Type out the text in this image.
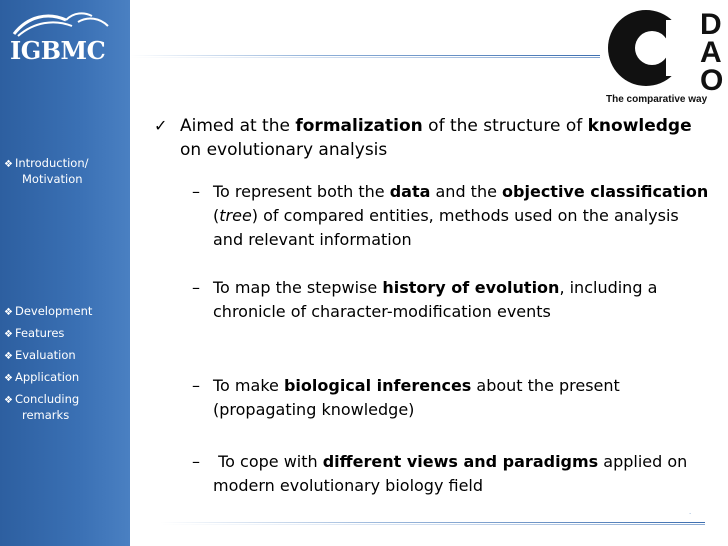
IGBMC
❖ Introduction/
Motivation
❖ Development
❖ Features
❖ Evaluation
❖ Application
❖ Concluding
remarks
D
A
O
The comparative way
✓ Aimed at the formalization of the structure of knowledge on evolutionary analysis
– To represent both the data and the objective classification (tree) of compared entities, methods used on the analysis and relevant information
– To map the stepwise history of evolution, including a chronicle of character-modification events
– To make biological inferences about the present (propagating knowledge)
– To cope with different views and paradigms applied on modern evolutionary biology field
·
